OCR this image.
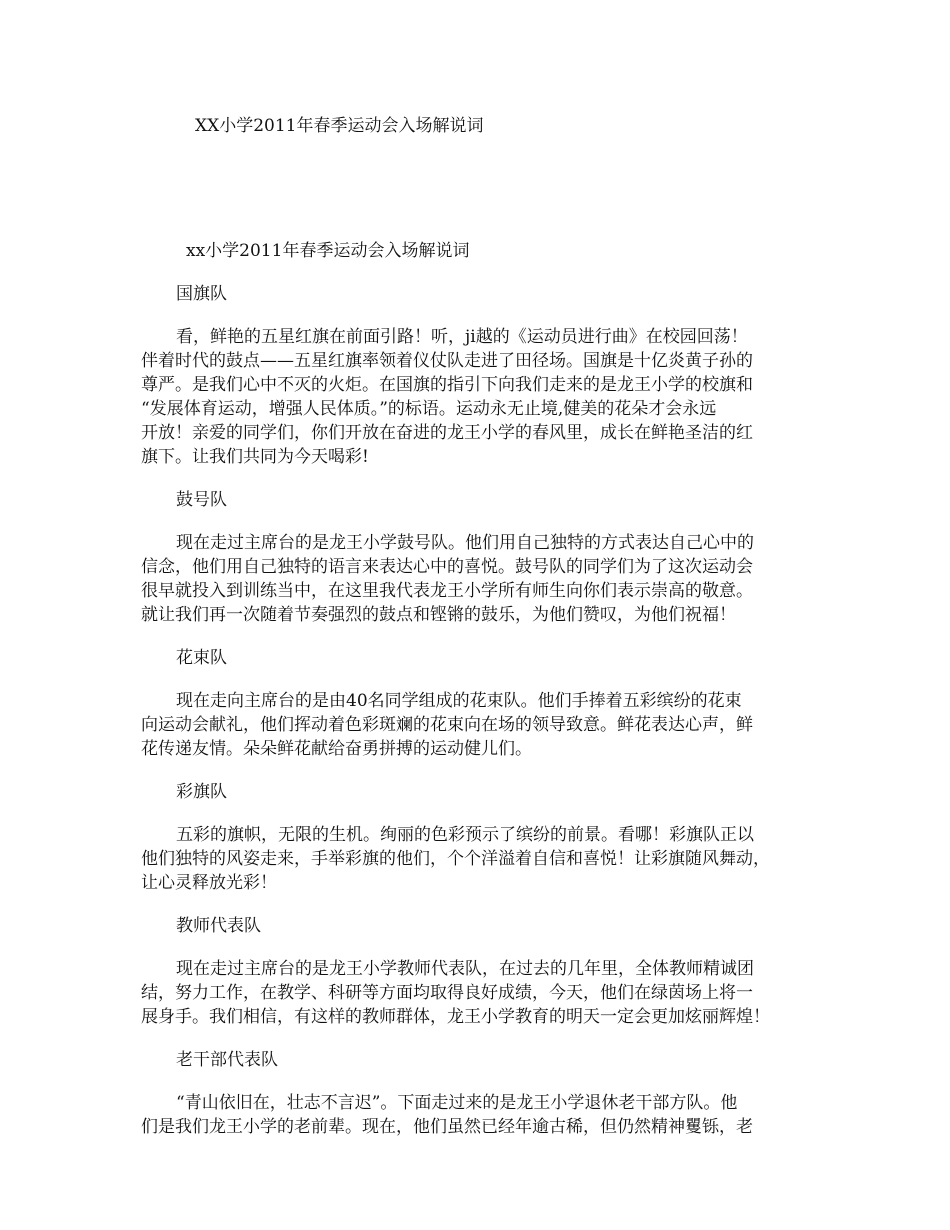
XX小学2011年春季运动会入场解说词

xx小学2011年春季运动会入场解说词

国旗队

看，鲜艳的五星红旗在前面引路！听，ji越的《运动员进行曲》在校园回荡！
伴着时代的鼓点——五星红旗率领着仪仗队走进了田径场。国旗是十亿炎黄子孙的
尊严。是我们心中不灭的火炬。在国旗的指引下向我们走来的是龙王小学的校旗和
“发展体育运动，增强人民体质。”的标语。运动永无止境,健美的花朵才会永远
开放！亲爱的同学们，你们开放在奋进的龙王小学的春风里，成长在鲜艳圣洁的红
旗下。让我们共同为今天喝彩!

鼓号队

现在走过主席台的是龙王小学鼓号队。他们用自己独特的方式表达自己心中的
信念，他们用自己独特的语言来表达心中的喜悦。鼓号队的同学们为了这次运动会
很早就投入到训练当中，在这里我代表龙王小学所有师生向你们表示崇高的敬意。
就让我们再一次随着节奏强烈的鼓点和铿锵的鼓乐，为他们赞叹，为他们祝福！

花束队

现在走向主席台的是由40名同学组成的花束队。他们手捧着五彩缤纷的花束
向运动会献礼，他们挥动着色彩斑斓的花束向在场的领导致意。鲜花表达心声，鲜
花传递友情。朵朵鲜花献给奋勇拼搏的运动健儿们。

彩旗队

五彩的旗帜，无限的生机。绚丽的色彩预示了缤纷的前景。看哪！彩旗队正以
他们独特的风姿走来，手举彩旗的他们，个个洋溢着自信和喜悦！让彩旗随风舞动，
让心灵释放光彩！

教师代表队

现在走过主席台的是龙王小学教师代表队，在过去的几年里，全体教师精诚团
结，努力工作，在教学、科研等方面均取得良好成绩，今天，他们在绿茵场上将一
展身手。我们相信，有这样的教师群体，龙王小学教育的明天一定会更加炫丽辉煌！

老干部代表队

“青山依旧在，壮志不言迟”。下面走过来的是龙王小学退休老干部方队。他
们是我们龙王小学的老前辈。现在，他们虽然已经年逾古稀，但仍然精神矍铄，老
